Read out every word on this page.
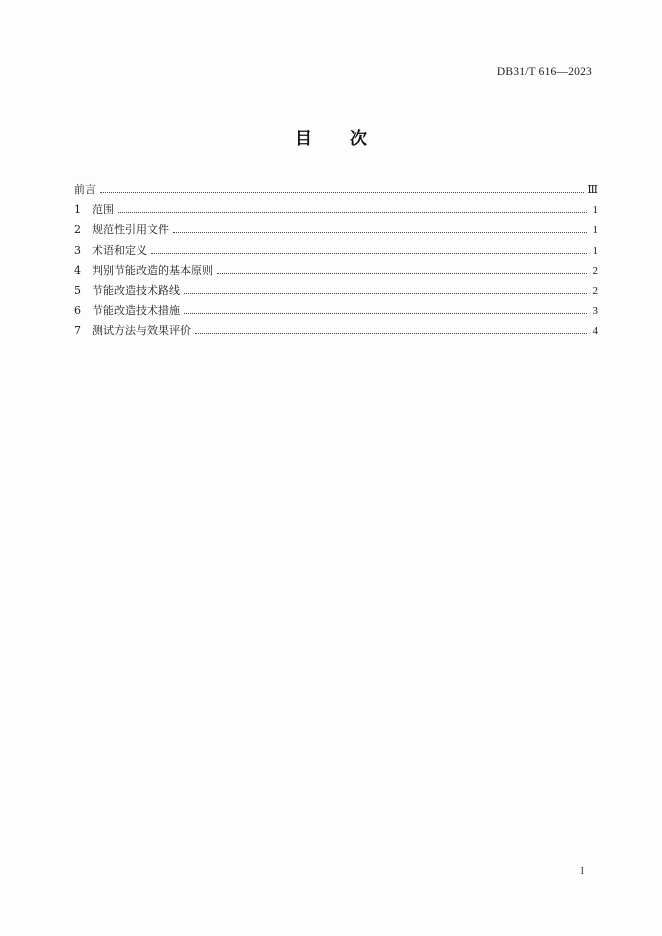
DB31/T 616—2023
目次
前言	Ⅲ
1	范围	1
2	规范性引用文件	1
3	术语和定义	1
4	判别节能改造的基本原则	2
5	节能改造技术路线	2
6	节能改造技术措施	3
7	测试方法与效果评价	4
I
